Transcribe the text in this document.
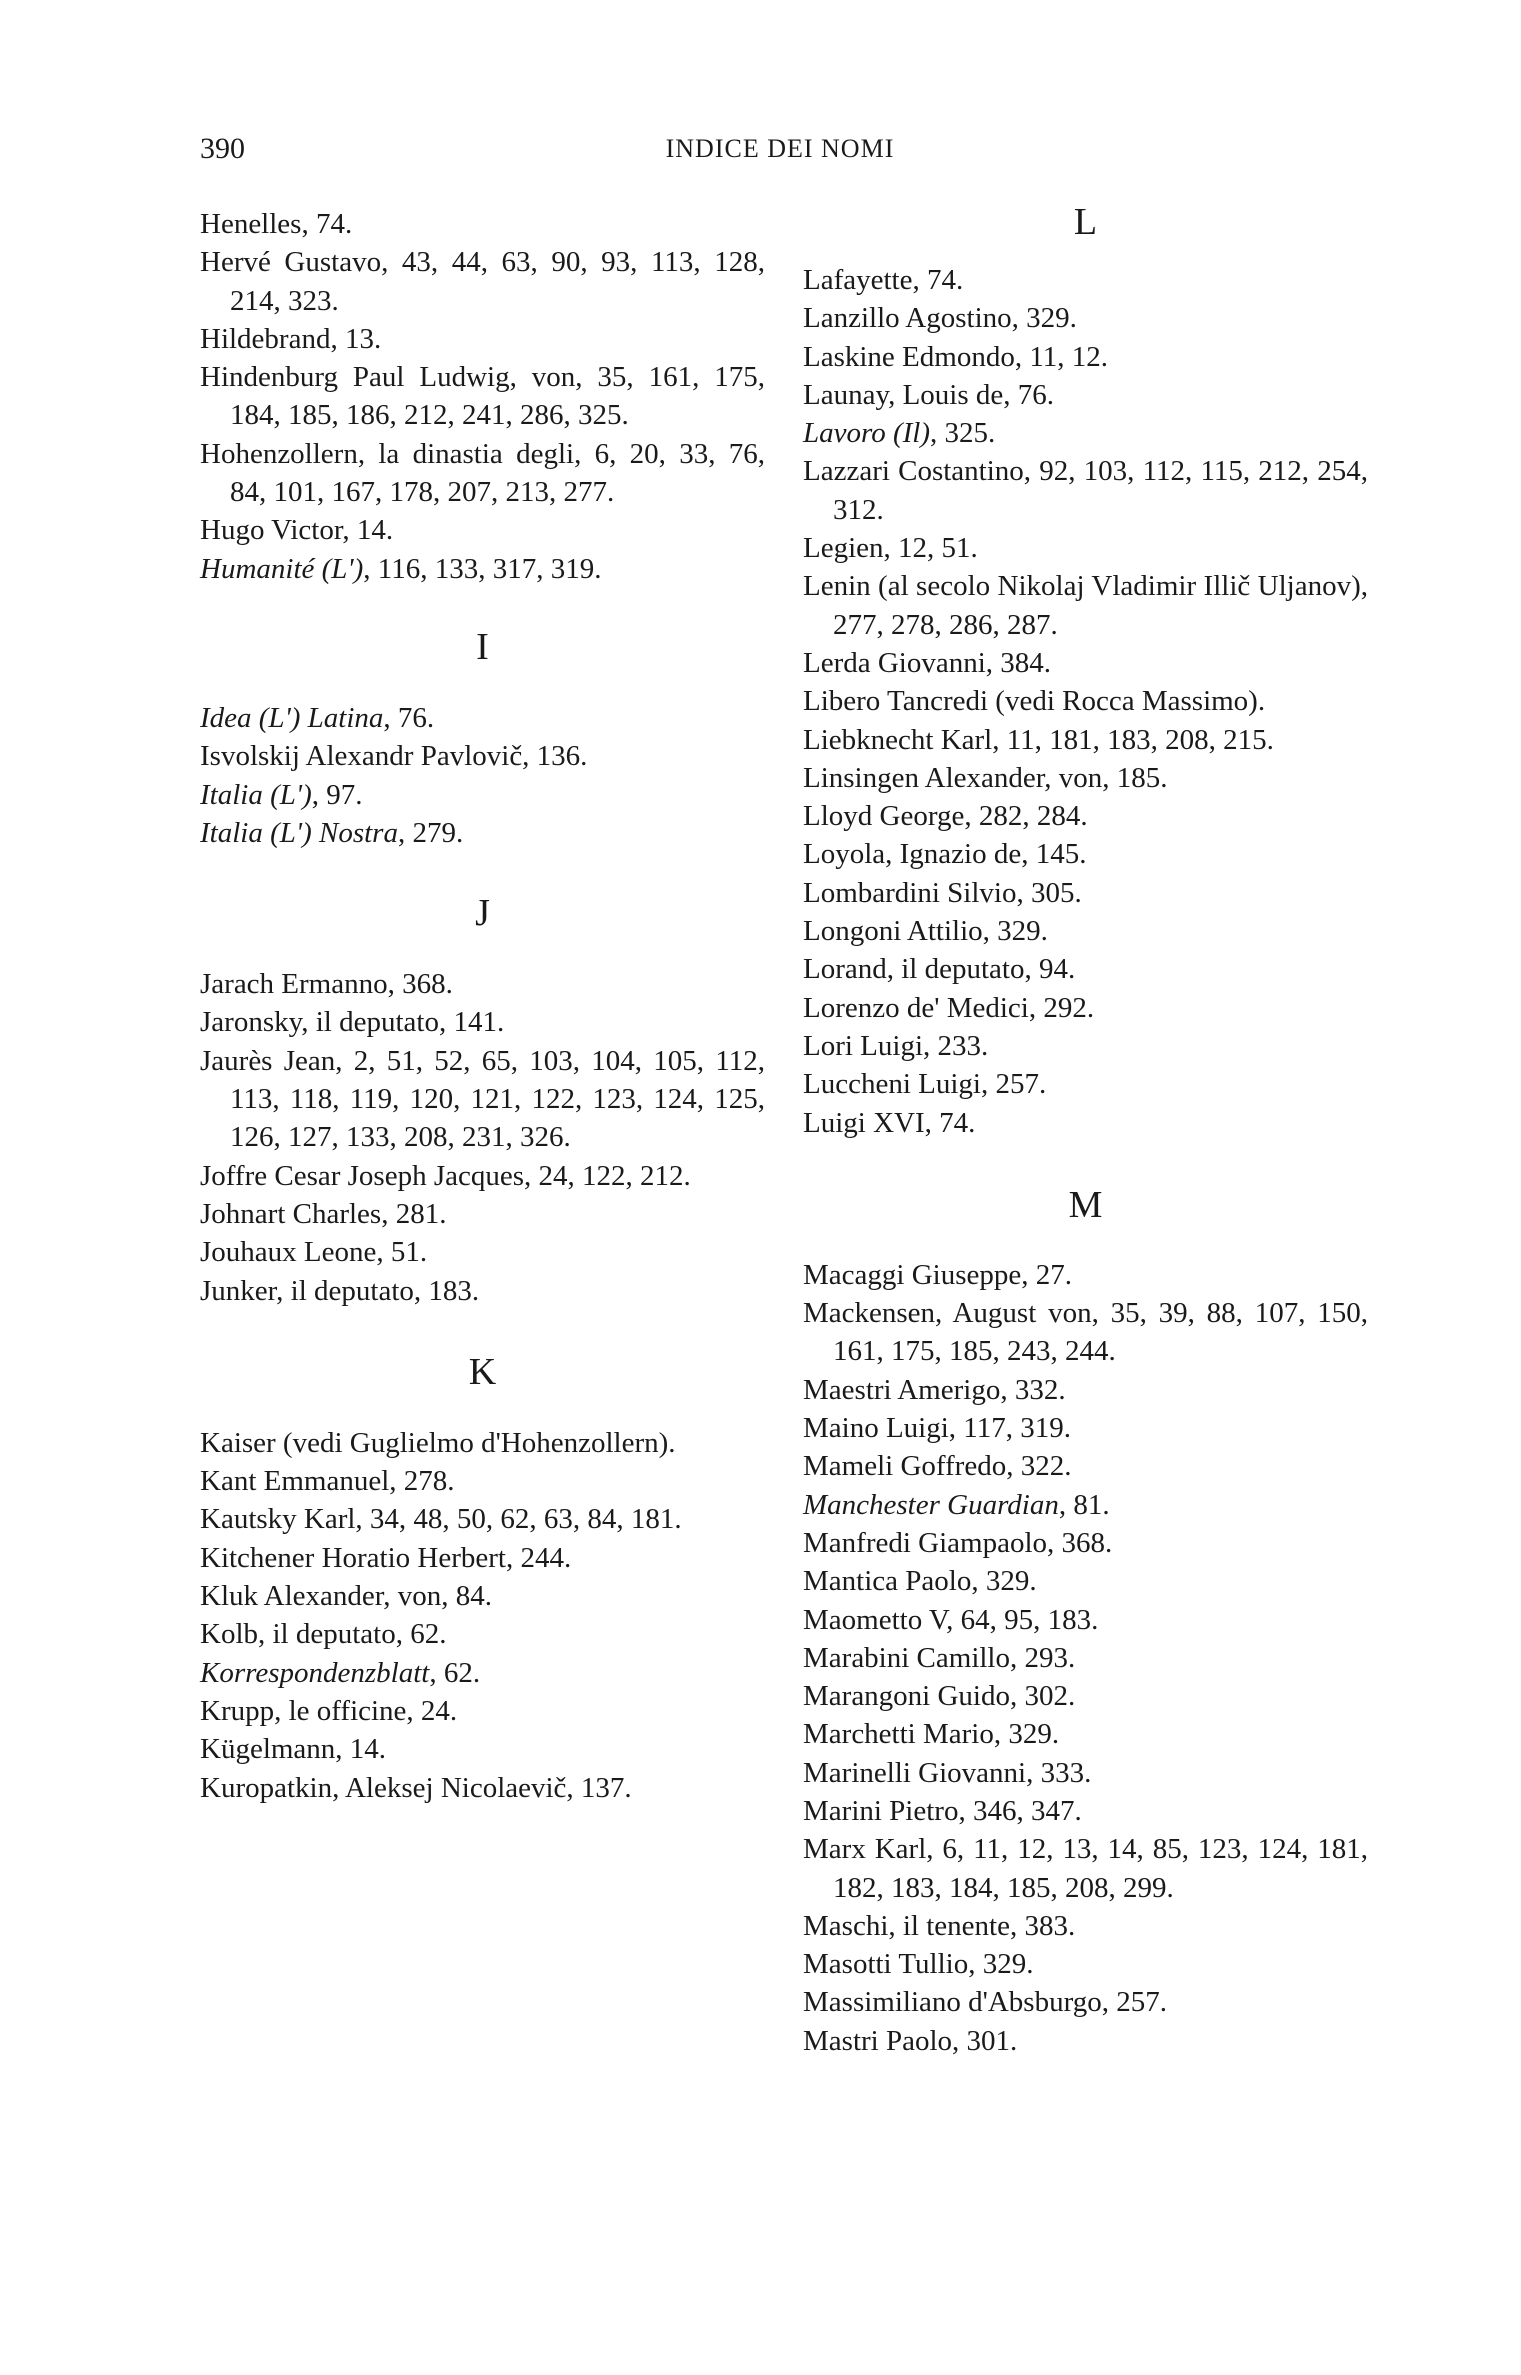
390	INDICE DEI NOMI
Henelles, 74.
Hervé Gustavo, 43, 44, 63, 90, 93, 113, 128, 214, 323.
Hildebrand, 13.
Hindenburg Paul Ludwig, von, 35, 161, 175, 184, 185, 186, 212, 241, 286, 325.
Hohenzollern, la dinastia degli, 6, 20, 33, 76, 84, 101, 167, 178, 207, 213, 277.
Hugo Victor, 14.
Humanité (L'), 116, 133, 317, 319.
I
Idea (L') Latina, 76.
Isvolskij Alexandr Pavlovič, 136.
Italia (L'), 97.
Italia (L') Nostra, 279.
J
Jarach Ermanno, 368.
Jaronsky, il deputato, 141.
Jaurès Jean, 2, 51, 52, 65, 103, 104, 105, 112, 113, 118, 119, 120, 121, 122, 123, 124, 125, 126, 127, 133, 208, 231, 326.
Joffre Cesar Joseph Jacques, 24, 122, 212.
Johnart Charles, 281.
Jouhaux Leone, 51.
Junker, il deputato, 183.
K
Kaiser (vedi Guglielmo d'Hohenzollern).
Kant Emmanuel, 278.
Kautsky Karl, 34, 48, 50, 62, 63, 84, 181.
Kitchener Horatio Herbert, 244.
Kluk Alexander, von, 84.
Kolb, il deputato, 62.
Korrespondenzblatt, 62.
Krupp, le officine, 24.
Kügelmann, 14.
Kuropatkin, Aleksej Nicolaevič, 137.
L
Lafayette, 74.
Lanzillo Agostino, 329.
Laskine Edmondo, 11, 12.
Launay, Louis de, 76.
Lavoro (Il), 325.
Lazzari Costantino, 92, 103, 112, 115, 212, 254, 312.
Legien, 12, 51.
Lenin (al secolo Nikolaj Vladimir Illič Uljanov), 277, 278, 286, 287.
Lerda Giovanni, 384.
Libero Tancredi (vedi Rocca Massimo).
Liebknecht Karl, 11, 181, 183, 208, 215.
Linsingen Alexander, von, 185.
Lloyd George, 282, 284.
Loyola, Ignazio de, 145.
Lombardini Silvio, 305.
Longoni Attilio, 329.
Lorand, il deputato, 94.
Lorenzo de' Medici, 292.
Lori Luigi, 233.
Luccheni Luigi, 257.
Luigi XVI, 74.
M
Macaggi Giuseppe, 27.
Mackensen, August von, 35, 39, 88, 107, 150, 161, 175, 185, 243, 244.
Maestri Amerigo, 332.
Maino Luigi, 117, 319.
Mameli Goffredo, 322.
Manchester Guardian, 81.
Manfredi Giampaolo, 368.
Mantica Paolo, 329.
Maometto V, 64, 95, 183.
Marabini Camillo, 293.
Marangoni Guido, 302.
Marchetti Mario, 329.
Marinelli Giovanni, 333.
Marini Pietro, 346, 347.
Marx Karl, 6, 11, 12, 13, 14, 85, 123, 124, 181, 182, 183, 184, 185, 208, 299.
Maschi, il tenente, 383.
Masotti Tullio, 329.
Massimiliano d'Absburgo, 257.
Mastri Paolo, 301.
